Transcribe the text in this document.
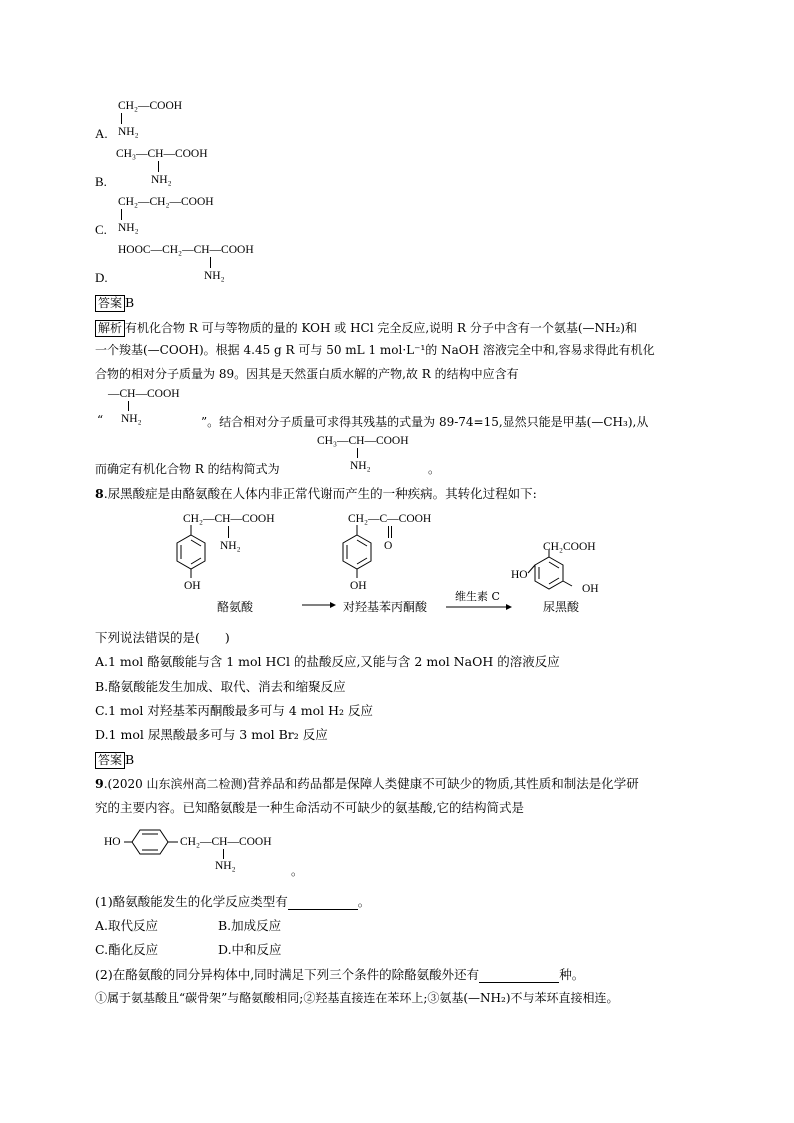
CH₂—COOH
A. NH₂
CH₃—CH—COOH
B.	NH₂
CH₂—CH₂—COOH
C. NH₂
HOOC—CH₂—CH—COOH
D.	NH₂
答案 B
解析 有机化合物 R 可与等物质的量的 KOH 或 HCl 完全反应,说明 R 分子中含有一个氨基(—NH₂)和
一个羧基(—COOH)。根据 4.45 g R 可与 50 mL 1 mol·L⁻¹的 NaOH 溶液完全中和,容易求得此有机化
合物的相对分子质量为 89。因其是天然蛋白质水解的产物,故 R 的结构中应含有
—CH—COOH
“ NH₂	”。结合相对分子质量可求得其残基的式量为 89-74=15,显然只能是甲基(—CH₃),从
CH₃—CH—COOH
而确定有机化合物 R 的结构简式为	NH₂	。
8.尿黑酸症是由酪氨酸在人体内非正常代谢而产生的一种疾病。其转化过程如下:
CH₂—CH—COOH
NH₂
OH
酪氨酸
CH₂—C—COOH
O
OH
对羟基苯丙酮酸
维生素 C
CH₂COOH
HO
OH
尿黑酸
下列说法错误的是(　　)
A.1 mol 酪氨酸能与含 1 mol HCl 的盐酸反应,又能与含 2 mol NaOH 的溶液反应
B.酪氨酸能发生加成、取代、消去和缩聚反应
C.1 mol 对羟基苯丙酮酸最多可与 4 mol H₂ 反应
D.1 mol 尿黑酸最多可与 3 mol Br₂ 反应
答案 B
9.(2020 山东滨州高二检测)营养品和药品都是保障人类健康不可缺少的物质,其性质和制法是化学研
究的主要内容。已知酪氨酸是一种生命活动不可缺少的氨基酸,它的结构简式是
HO	CH₂—CH—COOH
NH₂	。
(1)酪氨酸能发生的化学反应类型有	。
A.取代反应	B.加成反应
C.酯化反应	D.中和反应
(2)在酪氨酸的同分异构体中,同时满足下列三个条件的除酪氨酸外还有	种。
①属于氨基酸且“碳骨架”与酪氨酸相同;②羟基直接连在苯环上;③氨基(—NH₂)不与苯环直接相连。
